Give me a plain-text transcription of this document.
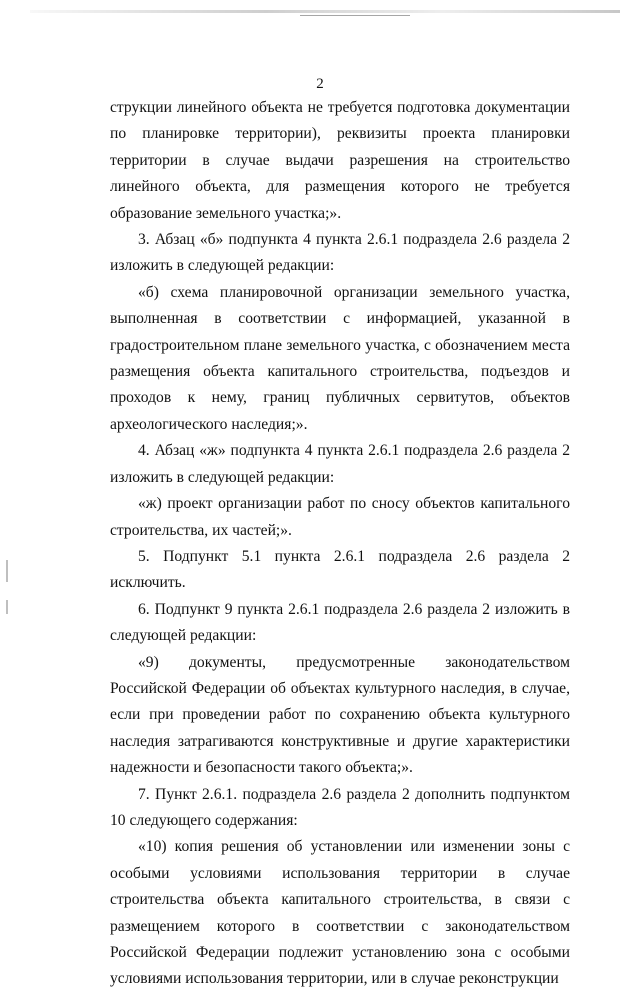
2

струкции линейного объекта не требуется подготовка документации по планировке территории), реквизиты проекта планировки территории в случае выдачи разрешения на строительство линейного объекта, для размещения которого не требуется образование земельного участка;».

3. Абзац «б» подпункта 4 пункта 2.6.1 подраздела 2.6 раздела 2 изложить в следующей редакции:

«б) схема планировочной организации земельного участка, выполненная в соответствии с информацией, указанной в градостроительном плане земельного участка, с обозначением места размещения объекта капитального строительства, подъездов и проходов к нему, границ публичных сервитутов, объектов археологического наследия;».

4. Абзац «ж» подпункта 4 пункта 2.6.1 подраздела 2.6 раздела 2 изложить в следующей редакции:

«ж) проект организации работ по сносу объектов капитального строительства, их частей;».

5. Подпункт 5.1 пункта 2.6.1 подраздела 2.6 раздела 2 исключить.

6. Подпункт 9 пункта 2.6.1 подраздела 2.6 раздела 2 изложить в следующей редакции:

«9) документы, предусмотренные законодательством Российской Федерации об объектах культурного наследия, в случае, если при проведении работ по сохранению объекта культурного наследия затрагиваются конструктивные и другие характеристики надежности и безопасности такого объекта;».

7. Пункт 2.6.1. подраздела 2.6 раздела 2 дополнить подпунктом 10 следующего содержания:

«10) копия решения об установлении или изменении зоны с особыми условиями использования территории в случае строительства объекта капитального строительства, в связи с размещением которого в соответствии с законодательством Российской Федерации подлежит установлению зона с особыми условиями использования территории, или в случае реконструкции
